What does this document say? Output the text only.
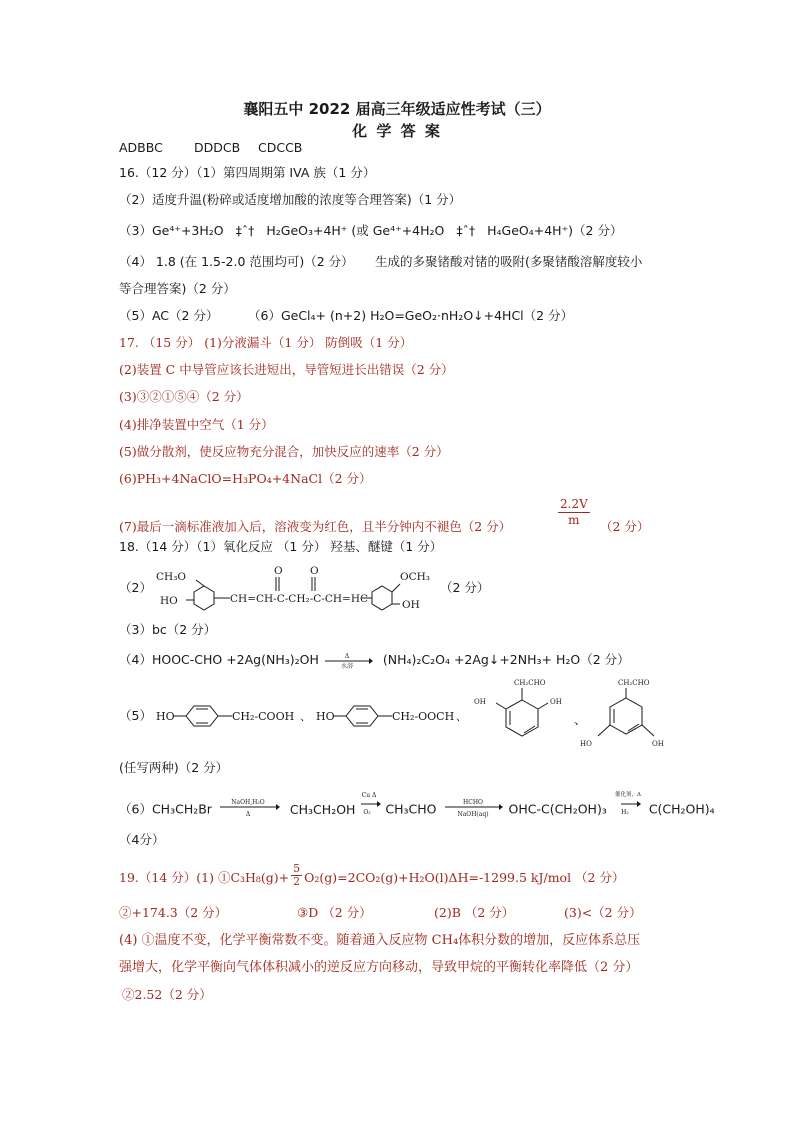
襄阳五中 2022 届高三年级适应性考试（三）
化 学 答 案
ADBBC DDDCB CDCCB
16.（12 分）（1）第四周期第 IVA 族（1 分）
（2）适度升温(粉碎或适度增加酸的浓度等合理答案)（1 分）
（3）Ge⁴⁺+3H₂O ‡ˆ† H₂GeO₃+4H⁺ (或 Ge⁴⁺+4H₂O ‡ˆ† H₄GeO₄+4H⁺)（2 分）
（4） 1.8 (在 1.5-2.0 范围均可)（2 分） 生成的多聚锗酸对锗的吸附(多聚锗酸溶解度较小
等合理答案)（2 分）
（5）AC（2 分） （6）GeCl₄+ (n+2) H₂O=GeO₂·nH₂O↓+4HCl（2 分）
17. （15 分） (1)分液漏斗（1 分） 防倒吸（1 分）
(2)装置 C 中导管应该长进短出，导管短进长出错误（2 分）
(3)③②①⑤④（2 分）
(4)排净装置中空气（1 分）
(5)做分散剂，使反应物充分混合，加快反应的速率（2 分）
(6)PH₃+4NaClO=H₃PO₄+4NaCl（2 分）
(7)最后一滴标准液加入后，溶液变为红色，且半分钟内不褪色（2 分）	$\frac{2.2V}{m} (2$ 分）
18.（14 分）（1）氧化反应 （1 分） 羟基、醚键（1 分）
（2）
CH₃O
HO	CH=CH-C-CH₂-C-CH=HC
O	O	OCH₃
OH
（2 分）
（3）bc（2 分）
（4）HOOC-CHO +2Ag(NH₃)₂OH	Δ
水浴 (NH₄)₂C₂O₄ +2Ag↓+2NH₃+ H₂O（2 分）
（5） HO	CH₂-COOH 、 HO	CH₂-OOCH 、
CH₂CHO
OH	OH
、
CH₂CHO
HO	OH
(任写两种)（2 分）
（6）CH₃CH₂Br	NaOH,H₂O
Δ	CH₃CH₂OH
Cu Δ
O₂ CH₃CHO	HCHO
NaOH(aq) OHC-C(CH₂OH)₃
催化剂，Δ
H₂ C(CH₂OH)₄
（4分）
19.（14 分）(1) ①C₃H₈(g)+ $\frac{5}{2} O_2(g)=2CO_2(g)+H_2O(l)\Delta H=-1299.5$ kJ/mol （2 分）
②+174.3（2 分）	③D （2 分）	(2)B （2 分）	(3)<（2 分）
(4) ①温度不变，化学平衡常数不变。随着通入反应物 CH₄体积分数的增加，反应体系总压
强增大，化学平衡向气体体积减小的逆反应方向移动，导致甲烷的平衡转化率降低（2 分）
②2.52（2 分）
